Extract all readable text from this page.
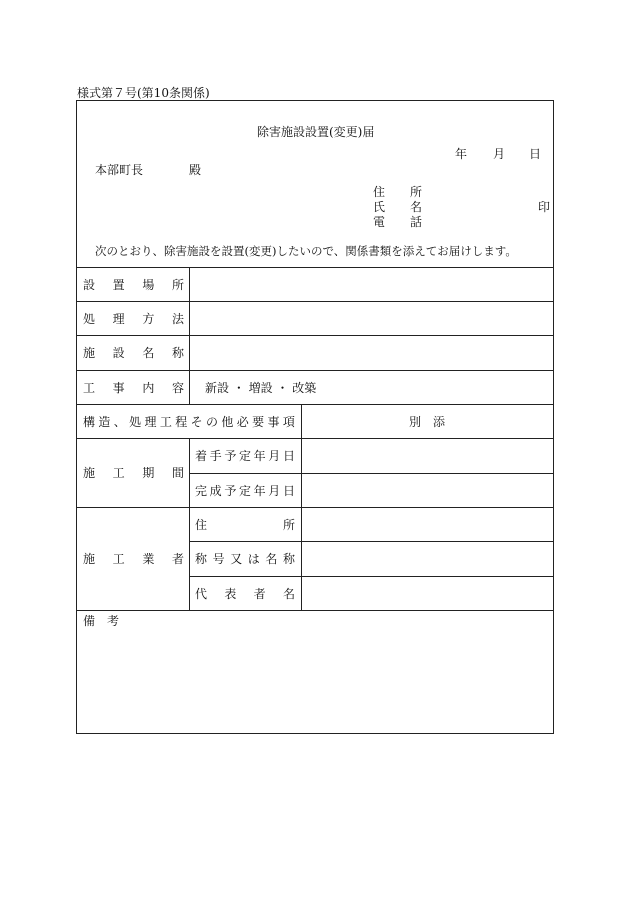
様式第７号(第10条関係)
除害施設設置(変更)届
年 月 日
本部町長	殿
住 所
氏 名	印
電 話
次のとおり、除害施設を設置(変更)したいので、関係書類を添えてお届けします。
設 置 場 所
処 理 方 法
施 設 名 称
工 事 内 容 新設 ・ 増設 ・ 改築
構 造 、 処 理 工 程 そ の 他 必 要 事 項	別　添
施 工 期 間
着 手 予 定 年 月 日
完 成 予 定 年 月 日
施 工 業 者
住	所
称 号 又 は 名 称
代 表 者 名
備考
